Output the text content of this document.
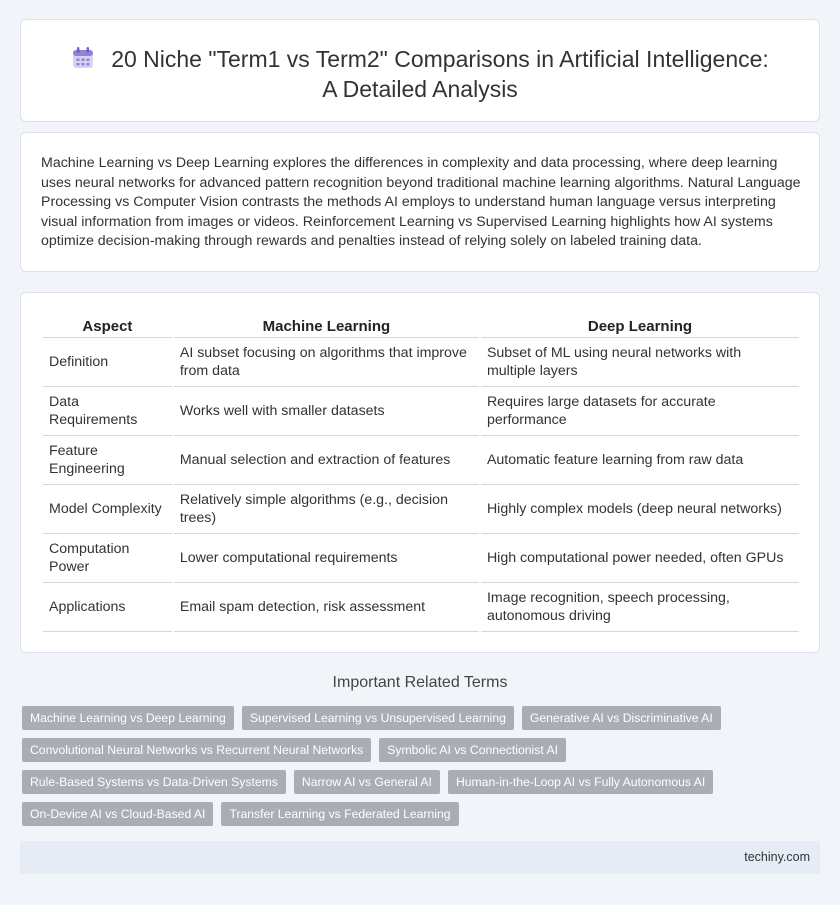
20 Niche "Term1 vs Term2" Comparisons in Artificial Intelligence:
A Detailed Analysis

Machine Learning vs Deep Learning explores the differences in complexity and data processing, where deep learning uses neural networks for advanced pattern recognition beyond traditional machine learning algorithms. Natural Language Processing vs Computer Vision contrasts the methods AI employs to understand human language versus interpreting visual information from images or videos. Reinforcement Learning vs Supervised Learning highlights how AI systems optimize decision-making through rewards and penalties instead of relying solely on labeled training data.

Aspect	Machine Learning	Deep Learning
Definition	AI subset focusing on algorithms that improve from data	Subset of ML using neural networks with multiple layers
Data Requirements	Works well with smaller datasets	Requires large datasets for accurate performance
Feature Engineering	Manual selection and extraction of features	Automatic feature learning from raw data
Model Complexity	Relatively simple algorithms (e.g., decision trees)	Highly complex models (deep neural networks)
Computation Power	Lower computational requirements	High computational power needed, often GPUs
Applications	Email spam detection, risk assessment	Image recognition, speech processing, autonomous driving
Important Related Terms
Machine Learning vs Deep Learning	Supervised Learning vs Unsupervised Learning	Generative AI vs Discriminative AI
Convolutional Neural Networks vs Recurrent Neural Networks	Symbolic AI vs Connectionist AI
Rule-Based Systems vs Data-Driven Systems	Narrow AI vs General AI	Human-in-the-Loop AI vs Fully Autonomous AI
On-Device AI vs Cloud-Based AI	Transfer Learning vs Federated Learning
techiny.com
